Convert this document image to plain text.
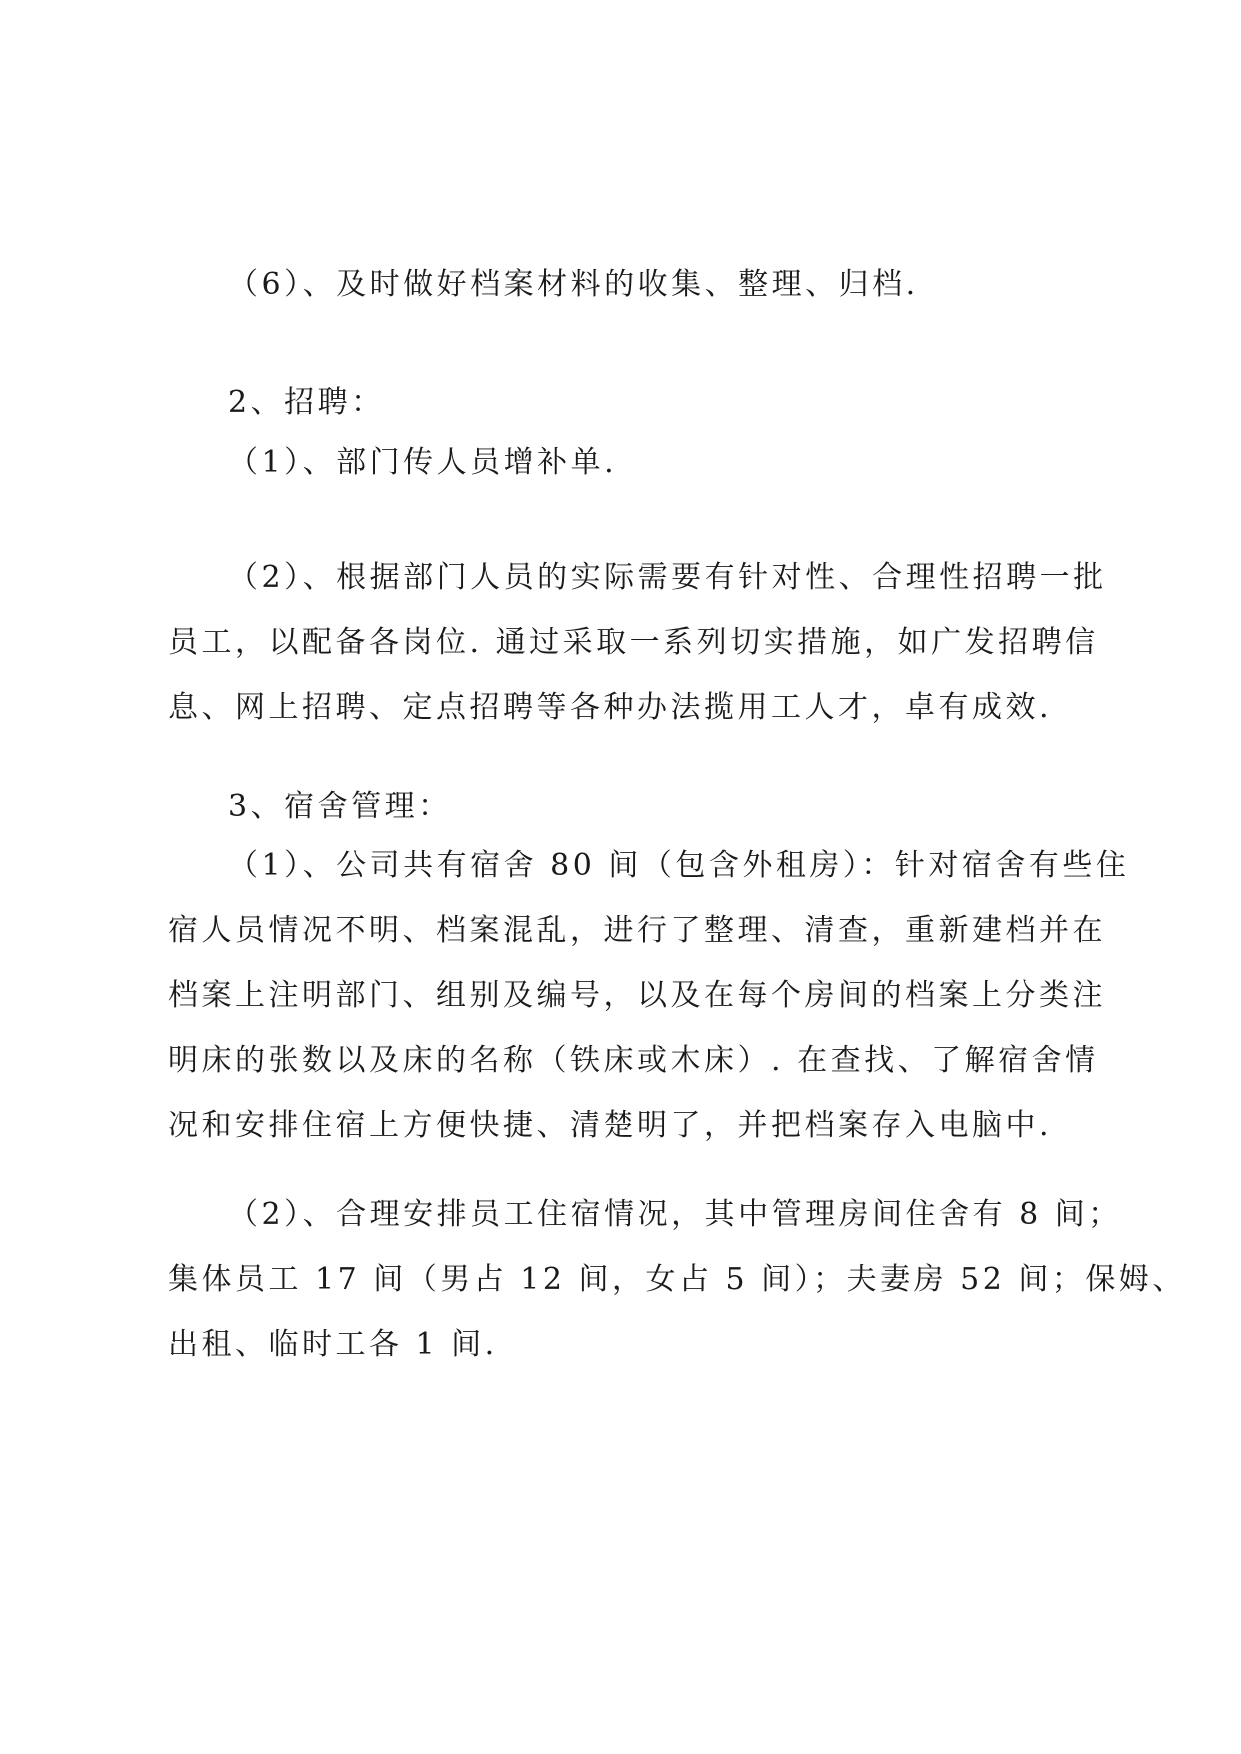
（6）、及时做好档案材料的收集、整理、归档.

2、招聘：

（1）、部门传人员增补单.

（2）、根据部门人员的实际需要有针对性、合理性招聘一批
员工，以配备各岗位. 通过采取一系列切实措施，如广发招聘信
息、网上招聘、定点招聘等各种办法揽用工人才，卓有成效.

3、宿舍管理：

（1）、公司共有宿舍 80 间（包含外租房）：针对宿舍有些住
宿人员情况不明、档案混乱，进行了整理、清查，重新建档并在
档案上注明部门、组别及编号，以及在每个房间的档案上分类注
明床的张数以及床的名称（铁床或木床）. 在查找、了解宿舍情
况和安排住宿上方便快捷、清楚明了，并把档案存入电脑中.

（2）、合理安排员工住宿情况，其中管理房间住舍有 8 间；
集体员工 17 间（男占 12 间，女占 5 间）；夫妻房 52 间；保姆、
出租、临时工各 1 间.
